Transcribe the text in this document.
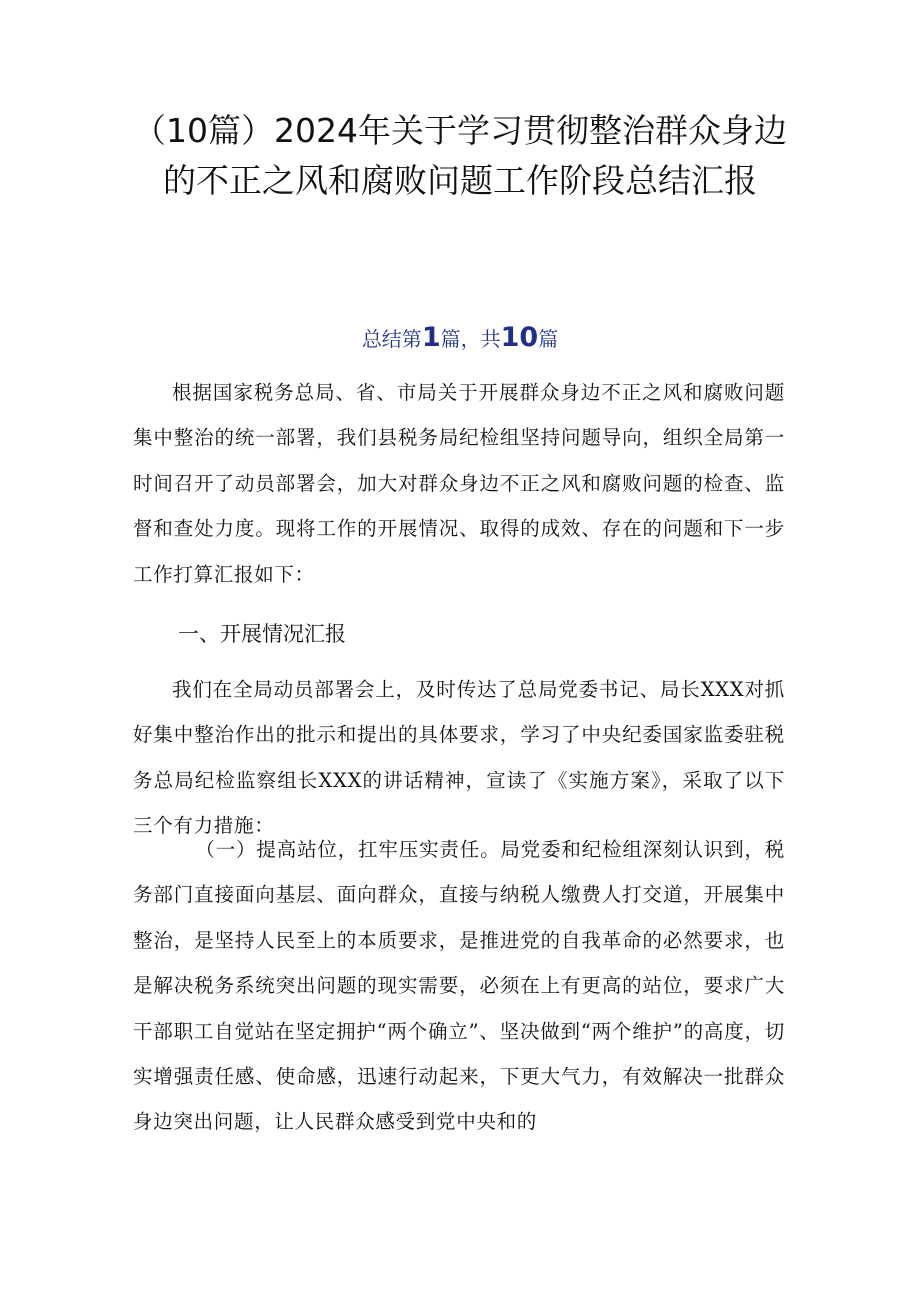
（10篇）2024年关于学习贯彻整治群众身边的不正之风和腐败问题工作阶段总结汇报
总结第1篇，共10篇

根据国家税务总局、省、市局关于开展群众身边不正之风和腐败问题集中整治的统一部署，我们县税务局纪检组坚持问题导向，组织全局第一时间召开了动员部署会，加大对群众身边不正之风和腐败问题的检查、监督和查处力度。现将工作的开展情况、取得的成效、存在的问题和下一步工作打算汇报如下：

一、开展情况汇报

我们在全局动员部署会上，及时传达了总局党委书记、局长XXX对抓好集中整治作出的批示和提出的具体要求，学习了中央纪委国家监委驻税务总局纪检监察组长XXX的讲话精神，宣读了《实施方案》，采取了以下三个有力措施：

（一）提高站位，扛牢压实责任。局党委和纪检组深刻认识到，税务部门直接面向基层、面向群众，直接与纳税人缴费人打交道，开展集中整治，是坚持人民至上的本质要求，是推进党的自我革命的必然要求，也是解决税务系统突出问题的现实需要，必须在上有更高的站位，要求广大干部职工自觉站在坚定拥护“两个确立”、坚决做到“两个维护”的高度，切实增强责任感、使命感，迅速行动起来，下更大气力，有效解决一批群众身边突出问题，让人民群众感受到党中央和的
